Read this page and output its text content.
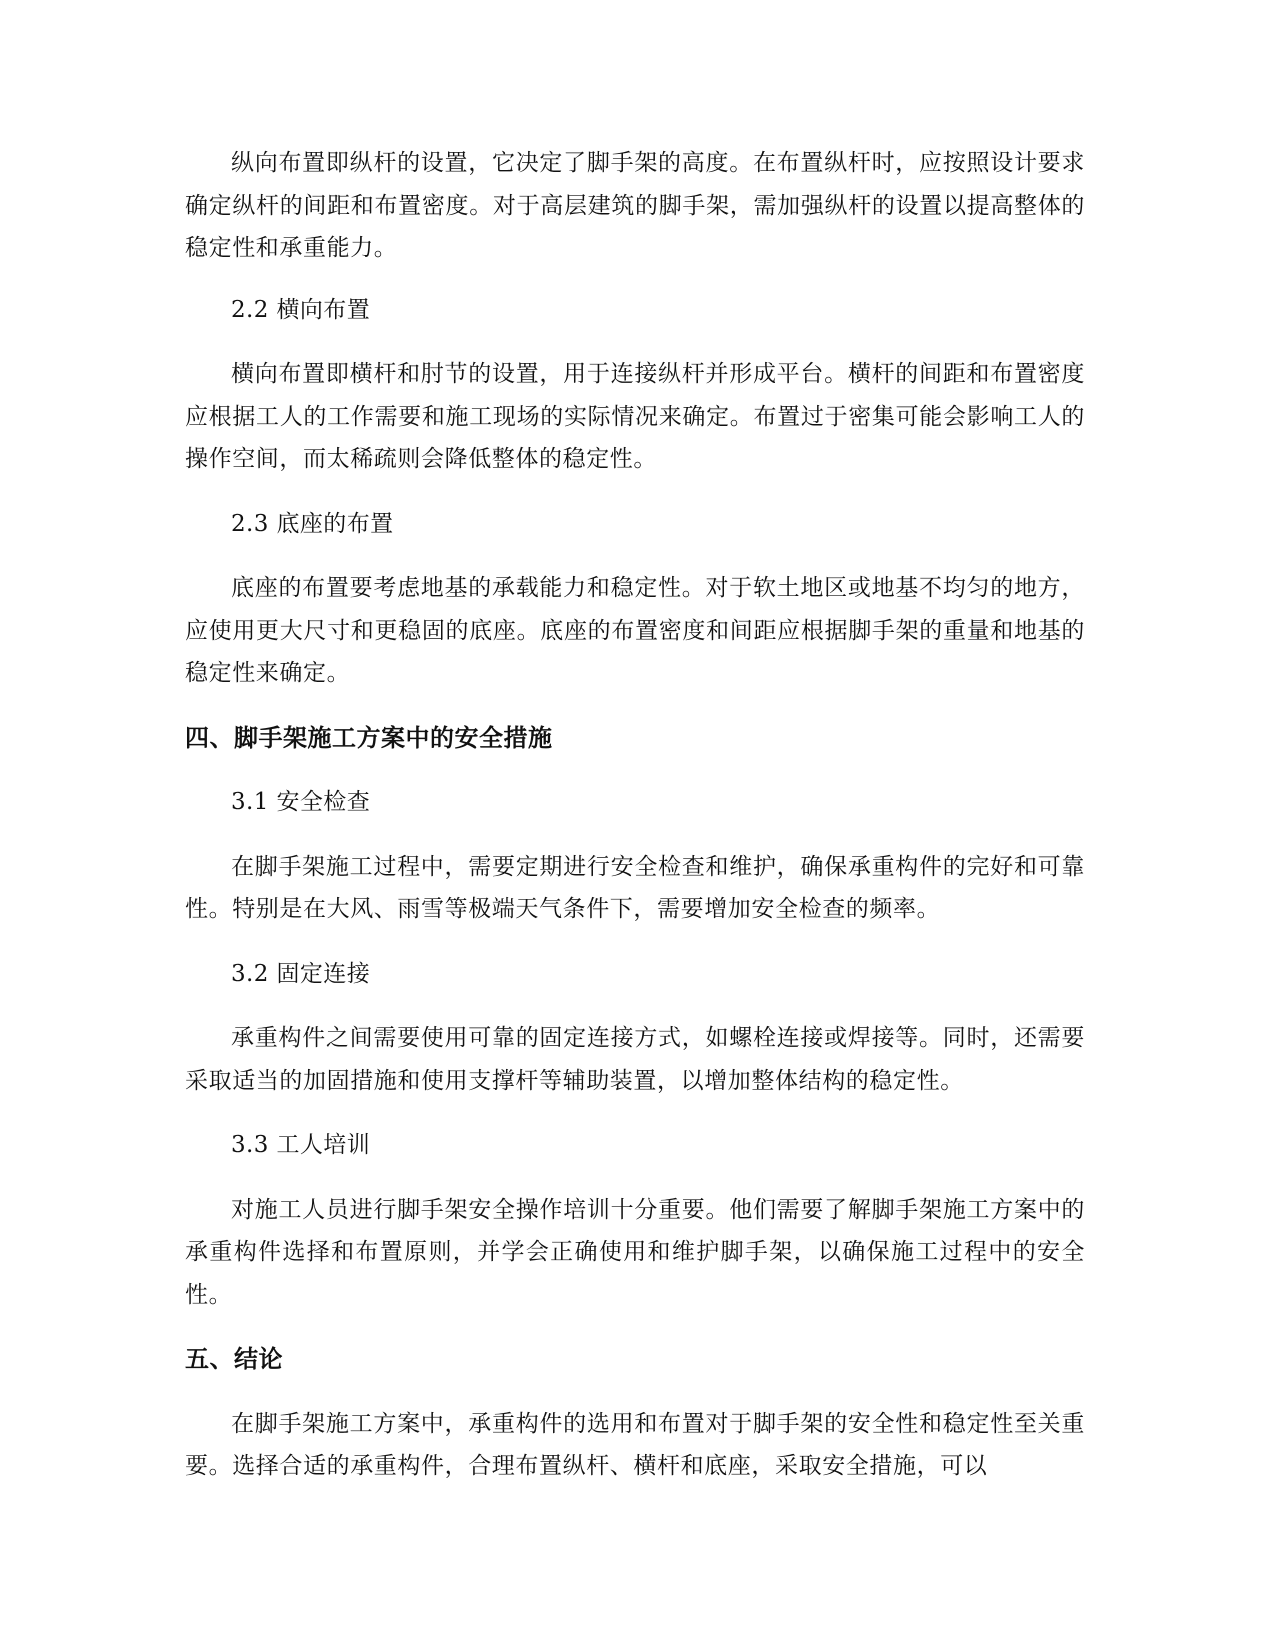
纵向布置即纵杆的设置，它决定了脚手架的高度。在布置纵杆时，应按照设计要求确定纵杆的间距和布置密度。对于高层建筑的脚手架，需加强纵杆的设置以提高整体的稳定性和承重能力。

2.2 横向布置

横向布置即横杆和肘节的设置，用于连接纵杆并形成平台。横杆的间距和布置密度应根据工人的工作需要和施工现场的实际情况来确定。布置过于密集可能会影响工人的操作空间，而太稀疏则会降低整体的稳定性。

2.3 底座的布置

底座的布置要考虑地基的承载能力和稳定性。对于软土地区或地基不均匀的地方，应使用更大尺寸和更稳固的底座。底座的布置密度和间距应根据脚手架的重量和地基的稳定性来确定。

四、脚手架施工方案中的安全措施

3.1 安全检查

在脚手架施工过程中，需要定期进行安全检查和维护，确保承重构件的完好和可靠性。特别是在大风、雨雪等极端天气条件下，需要增加安全检查的频率。

3.2 固定连接

承重构件之间需要使用可靠的固定连接方式，如螺栓连接或焊接等。同时，还需要采取适当的加固措施和使用支撑杆等辅助装置，以增加整体结构的稳定性。

3.3 工人培训

对施工人员进行脚手架安全操作培训十分重要。他们需要了解脚手架施工方案中的承重构件选择和布置原则，并学会正确使用和维护脚手架，以确保施工过程中的安全性。

五、结论

在脚手架施工方案中，承重构件的选用和布置对于脚手架的安全性和稳定性至关重要。选择合适的承重构件，合理布置纵杆、横杆和底座，采取安全措施，可以
